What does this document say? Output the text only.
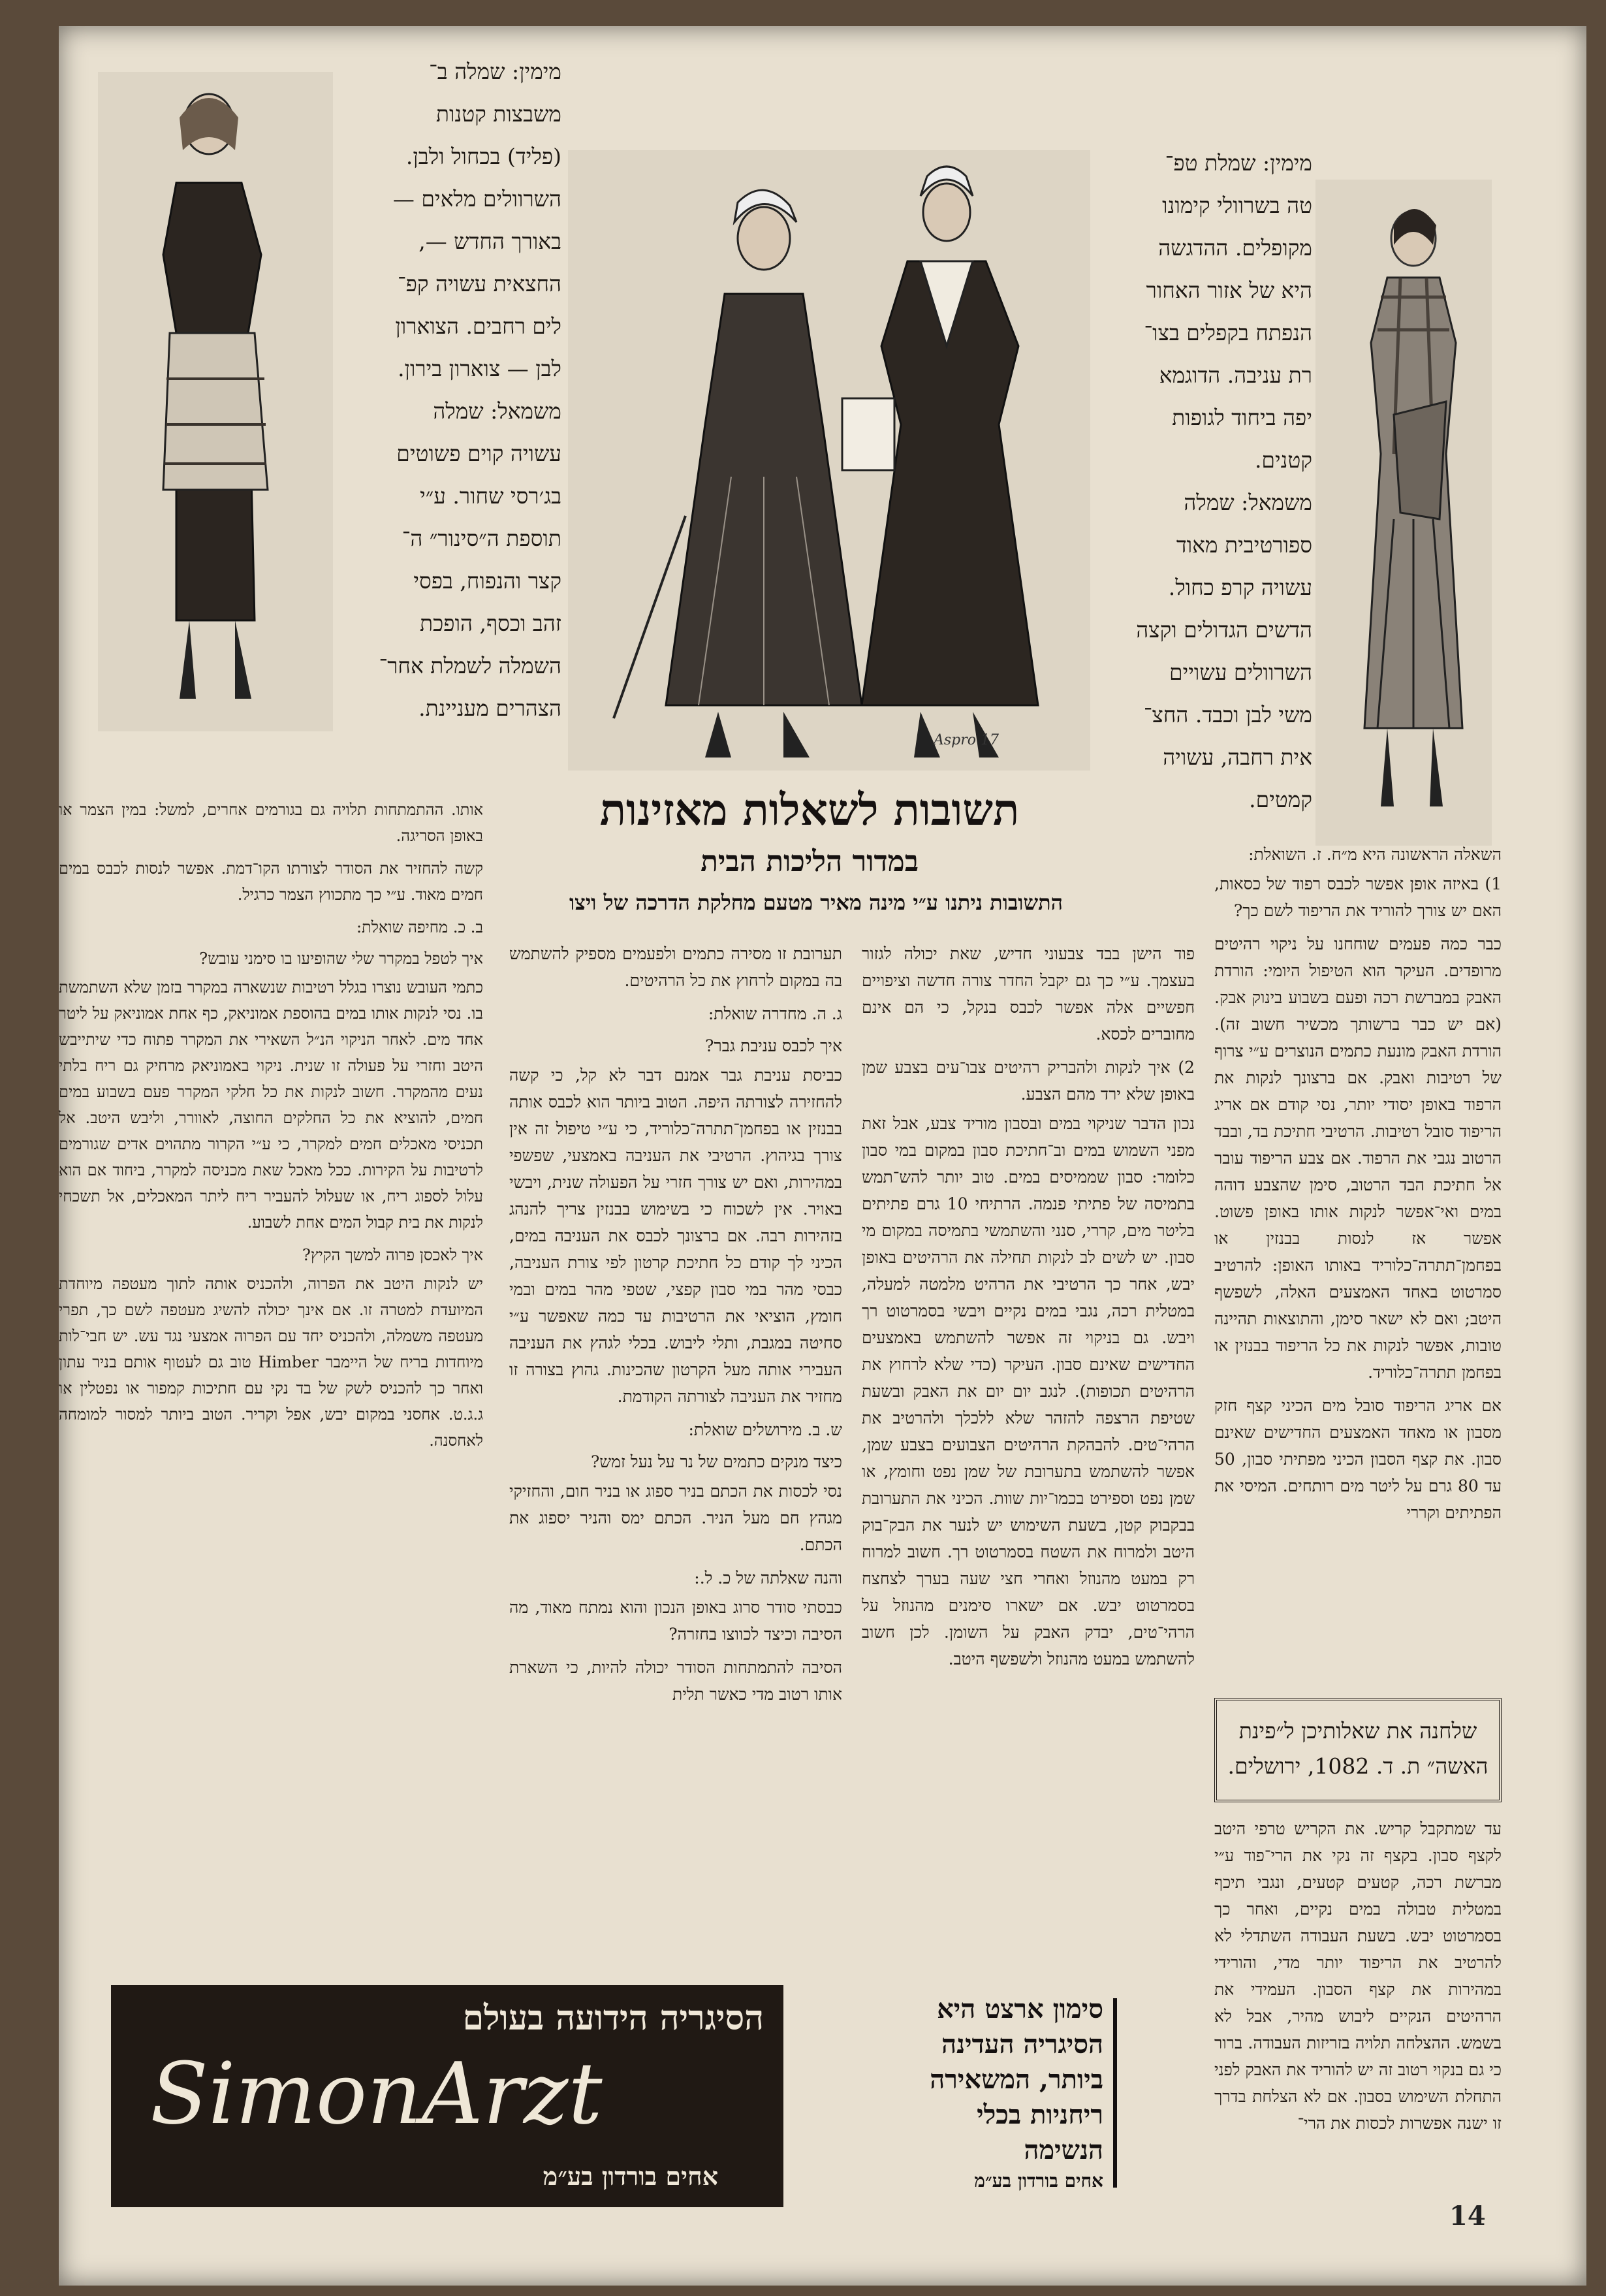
מימין: שמלת טפ־

טה בשרוולי קימונו

מקופלים. ההדגשה

היא של אזור האחור

הנפתח בקפלים בצו־

רת עניבה. הדוגמא

יפה ביחוד לגופות

קטנים.

משמאל: שמלה

ספורטיבית מאוד

עשויה קרפ כחול.

הדשים הגדולים וקצה

השרוולים עשויים

משי לבן וכבד. החצ־

אית רחבה, עשויה

קמטים.

Aspro 17

מימין: שמלה ב־

משבצות קטנות

(פליד) בכחול ולבן.

השרוולים מלאים —

באורך החדש —,

החצאית עשויה קפ־

לים רחבים. הצוארון

לבן — צוארון בירון.

משמאל: שמלה

עשויה קוים פשוטים

בג׳רסי שחור. ע״י

תוספת ה״סינור״ ה־

קצר והנפוח, בפסי

זהב וכסף, הופכת

השמלה לשמלת אחר־

הצהרים מעניינת.

תשובות לשאלות מאזינות
במדור הליכות הבית
התשובות ניתנו ע״י מינה מאיר מטעם מחלקת הדרכה של ויצו

השאלה הראשונה היא מ״ח. ז. השואלת:

1) באיזה אופן אפשר לכבס רפוד של כסאות, האם יש צורך להוריד את הריפוד לשם כך?

כבר כמה פעמים שוחחנו על ניקוי רהיטים מרופדים. העיקר הוא הטיפול היומי: הורדת האבק במברשת רכה ופעם בשבוע בינוק אבק. (אם יש כבר ברשותך מכשיר חשוב זה). הורדת האבק מונעת כתמים הנוצרים ע״י צרוף של רטיבות ואבק. אם ברצונך לנקות את הרפוד באופן יסודי יותר, נסי קודם אם אריג הריפוד סובל רטיבות. הרטיבי חתיכת בד, ובבד הרטוב נגבי את הרפוד. אם צבע הריפוד עובר אל חתיכת הבד הרטוב, סימן שהצבע דוהה במים ואי־אפשר לנקות אותו באופן פשוט. אפשר אז לנסות בבנזין או בפחמן־תתרה־כלוריד באותו האופן: להרטיב סמרטוט באחד האמצעים האלה, לשפשף היטב; ואם לא ישאר סימן, והתוצאות תהיינה טובות, אפשר לנקות את כל הריפוד בבנזין או בפחמן תתרה־כלוריד.

אם אריג הריפוד סובל מים הכיני קצף חזק מסבון או מאחד האמצעים החדישים שאינם סבון. את קצף הסבון הכיני מפתיתי סבון, 50 עד 80 גרם על ליטר מים רותחים. המיסי את הפתיתים וקררי

שלחנה את שאלותיכן ל״פינת האשה״ ת. ד. 1082, ירושלים.

עד שמתקבל קריש. את הקריש טרפי היטב לקצף סבון. בקצף זה נקי את הרי־פוד ע״י מברשת רכה, קטעים קטעים, ונגבי תיכף במטלית טבולה במים נקיים, ואחר כך בסמרטוט יבש. בשעת העבודה השתדלי לא להרטיב את הריפוד יותר מדי, והורידי במהירות את קצף הסבון. העמידי את הרהיטים הנקיים ליבוש מהיר, אבל לא בשמש. ההצלחה תלויה בזריזות העבודה. ברור כי גם בנקוי רטוב זה יש להוריד את האבק לפני התחלת השימוש בסבון. אם לא הצלחת בדרך זו ישנה אפשרות לכסות את הרי־

פוד הישן בבד צבעוני חדיש, שאת יכולה לגזור בעצמך. ע״י כך גם יקבל החדר צורה חדשה וציפויים חפשיים אלה אפשר לכבס בנקל, כי הם אינם מחוברים לכסא.

2) איך לנקות ולהבריק רהיטים צבו־עים בצבע שמן באופן שלא ירד מהם הצבע.

נכון הדבר שניקוי במים ובסבון מוריד צבע, אבל זאת מפני השמוש במים וב־חתיכת סבון במקום במי סבון כלומר: סבון שממיסים במים. טוב יותר להש־תמש בתמיסה של פתיתי פנמה. הרתיחי 10 גרם פתיתים בליטר מים, קררי, סנני והשתמשי בתמיסה במקום מי סבון. יש לשים לב לנקות תחילה את הרהיטים באופן יבש, אחר כך הרטיבי את הרהיט מלמטה למעלה, במטלית רכה, נגבי במים נקיים ויבשי בסמרטוט רך ויבש. גם בניקוי זה אפשר להשתמש באמצעים החדישים שאינם סבון. העיקר (כדי שלא לרחוץ את הרהיטים תכופות). לנגב יום יום את האבק ובשעת שטיפת הרצפה להזהר שלא ללכלך ולהרטיב את הרהי־טים. להבהקת הרהיטים הצבועים בצבע שמן, אפשר להשתמש בתערובת של שמן נפט וחומץ, או שמן נפט וספירט בכמו־יות שוות. הכיני את התערובת בבקבוק קטן, בשעת השימוש יש לנער את הבק־בוק היטב ולמרוח את השטח בסמרטוט רך. חשוב למרוח רק במעט מהנוזל ואחרי חצי שעה בערך לצחצח בסמרטוט יבש. אם ישארו סימנים מהנוזל על הרהי־טים, יבדק האבק על השומן. לכן חשוב להשתמש במעט מהנוזל ולשפשף היטב.

תערובת זו מסירה כתמים ולפעמים מספיק להשתמש בה במקום לרחוץ את כל הרהיטים.

ג. ה. מחדרה שואלת:

איך לכבס עניבת גבר?

כביסת עניבת גבר אמנם דבר לא קל, כי קשה להחזירה לצורתה היפה. הטוב ביותר הוא לכבס אותה בבנזין או בפחמן־תתרה־כלוריד, כי ע״י טיפול זה אין צורך בגיהוץ. הרטיבי את העניבה באמצעי, שפשפי במהירות, ואם יש צורך חזרי על הפעולה שנית, ויבשי באויר. אין לשכוח כי בשימוש בבנזין צריך להנהג בזהירות רבה. אם ברצונך לכבס את העניבה במים, הכיני לך קודם כל חתיכת קרטון לפי צורת העניבה, כבסי מהר במי סבון קפצי, שטפי מהר במים ובמי חומץ, הוציאי את הרטיבות עד כמה שאפשר ע״י סחיטה במגבת, ותלי ליבוש. בכלי לגהץ את העניבה העבירי אותה מעל הקרטון שהכינות. גהוץ בצורה זו מחזיר את העניבה לצורתה הקודמת.

ש. ב. מירושלים שואלת:

כיצד מנקים כתמים של נר על נעל זמש?

נסי לכסות את הכתם בניר ספוג או בניר חום, והחזיקי מגהץ חם מעל הניר. הכתם ימס והניר יספוג את הכתם.

והנה שאלתה של כ. ל.:

כבסתי סודר סרוג באופן הנכון והוא נמתח מאוד, מה הסיבה וכיצד לכווצו בחזרה?

הסיבה להתמתחות הסודר יכולה להיות, כי השארת אותו רטוב מדי כאשר תלית

אותו. ההתמתחות תלויה גם בגורמים אחרים, למשל: במין הצמר או באופן הסריגה.

קשה להחזיר את הסודר לצורתו הקו־דמת. אפשר לנסות לכבס במים חמים מאוד. ע״י כך מתכווץ הצמר כרגיל.

ב. כ. מחיפה שואלת:

איך לטפל במקרר שלי שהופיעו בו סימני עובש?

כתמי העובש נוצרו בגלל רטיבות שנשארה במקרר בזמן שלא השתמשת בו. נסי לנקות אותו במים בהוספת אמוניאק, כף אחת אמוניאק על ליטר אחד מים. לאחר הניקוי הנ״ל השאירי את המקרר פתוח כדי שיתייבש היטב וחזרי על פעולה זו שנית. ניקוי באמוניאק מרחיק גם ריח בלתי נעים מהמקרר. חשוב לנקות את כל חלקי המקרר פעם בשבוע במים חמים, להוציא את כל החלקים החוצה, לאוורר, וליבש היטב. אל תכניסי מאכלים חמים למקרר, כי ע״י הקרור מתהוים אדים שגורמים לרטיבות על הקירות. ככל מאכל שאת מכניסה למקרר, ביחוד אם הוא עלול לספוג ריח, או שעלול להעביר ריח ליתר המאכלים, אל תשכחי לנקות את בית קבול המים אחת לשבוע.

איך לאכסן פרוה למשך הקיץ?

יש לנקות היטב את הפרוה, ולהכניס אותה לתוך מעטפה מיוחדת המיועדת למטרה זו. אם אינך יכולה להשיג מעטפה לשם כך, תפרי מעטפה משמלה, ולהכניס יחד עם הפרוה אמצעי נגד עש. יש חבי־לות מיוחדות בריח של היימבר Himber טוב גם לעטוף אותם בניר עתון ואחר כך להכניס לשק של בד נקי עם חתיכות קמפור או נפטלין או ג.ג.ט. אחסני במקום יבש, אפל וקריר. הטוב ביותר למסור למומחה לאחסנה.

הסיגריה הידועה בעולם
SimonArzt
אחים בורדון בע״מ
סימון ארצט היא
הסיגריה העדינה
ביותר, המשאירה
ריחניות בכלי
הנשימה
אחים בורדון בע״מ
14
